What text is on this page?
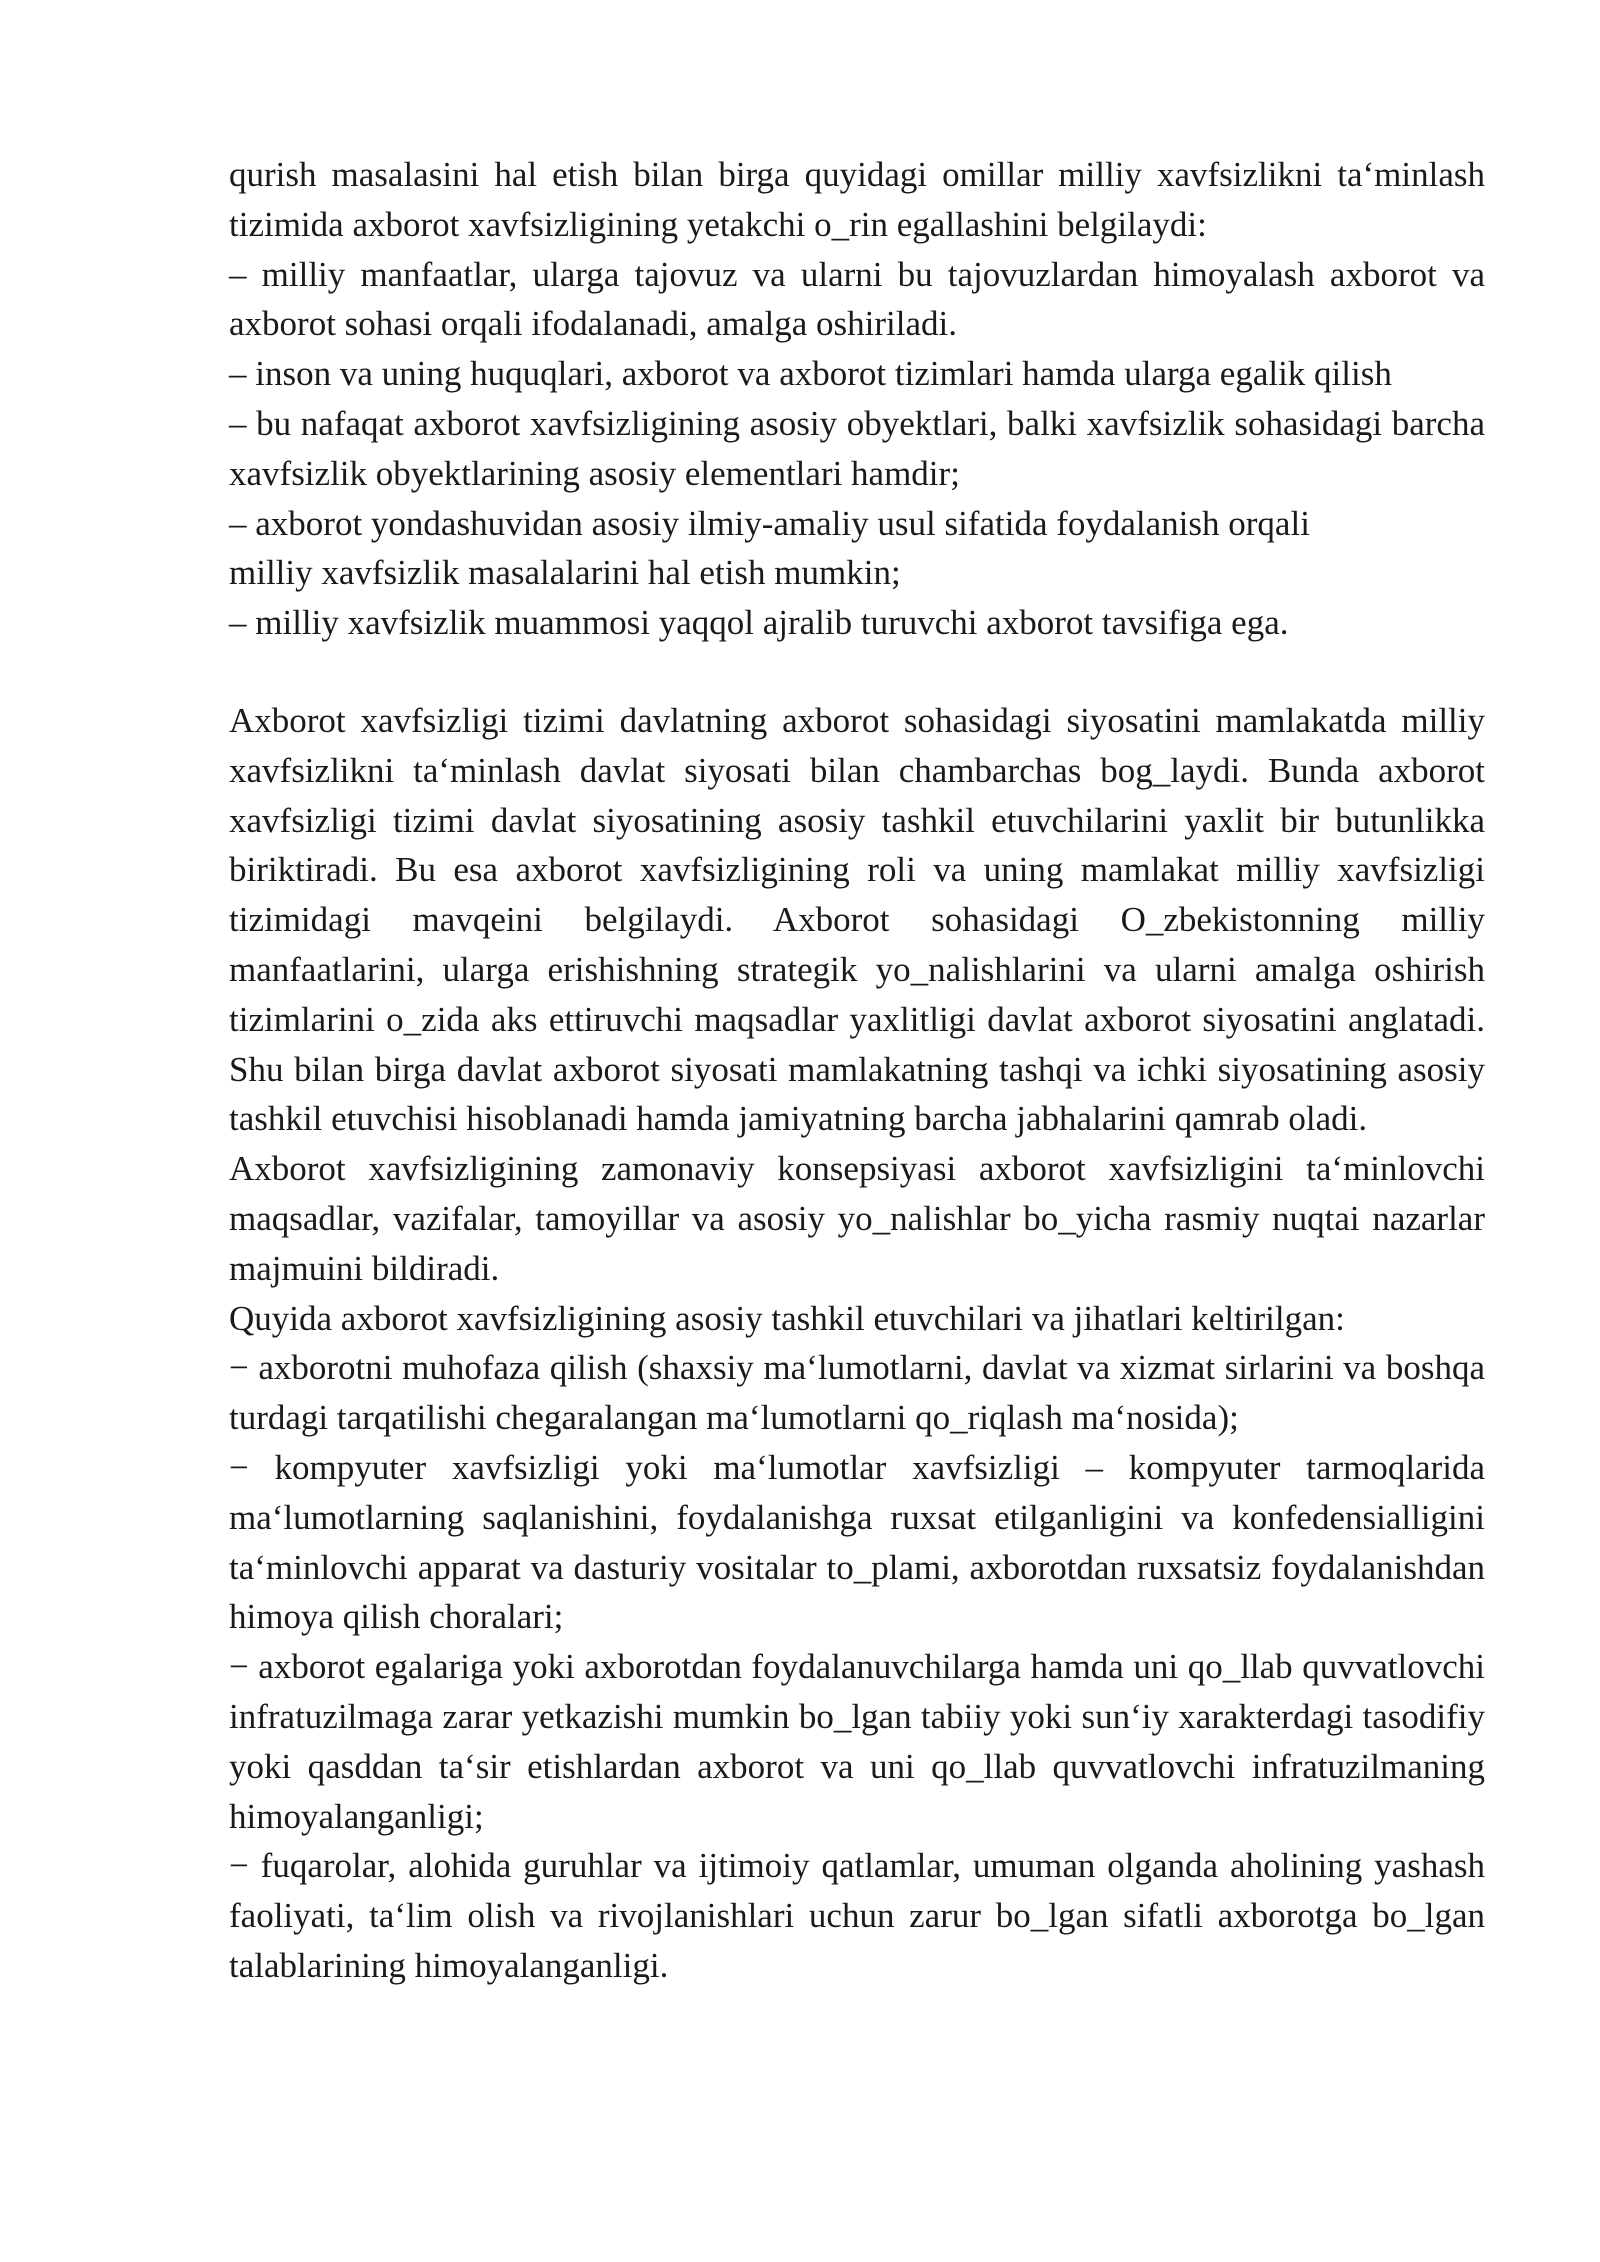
qurish masalasini hal etish bilan birga quyidagi omillar milliy xavfsizlikni ta‘minlash tizimida axborot xavfsizligining yetakchi o_rin egallashini belgilaydi:

– milliy manfaatlar, ularga tajovuz va ularni bu tajovuzlardan himoyalash axborot va axborot sohasi orqali ifodalanadi, amalga oshiriladi.

– inson va uning huquqlari, axborot va axborot tizimlari hamda ularga egalik qilish

– bu nafaqat axborot xavfsizligining asosiy obyektlari, balki xavfsizlik sohasidagi barcha xavfsizlik obyektlarining asosiy elementlari hamdir;

– axborot yondashuvidan asosiy ilmiy-amaliy usul sifatida foydalanish orqali

milliy xavfsizlik masalalarini hal etish mumkin;

– milliy xavfsizlik muammosi yaqqol ajralib turuvchi axborot tavsifiga ega.

Axborot xavfsizligi tizimi davlatning axborot sohasidagi siyosatini mamlakatda milliy xavfsizlikni ta‘minlash davlat siyosati bilan chambarchas bog_laydi. Bunda axborot xavfsizligi tizimi davlat siyosatining asosiy tashkil etuvchilarini yaxlit bir butunlikka biriktiradi. Bu esa axborot xavfsizligining roli va uning mamlakat milliy xavfsizligi tizimidagi mavqeini belgilaydi. Axborot sohasidagi O_zbekistonning milliy manfaatlarini, ularga erishishning strategik yo_nalishlarini va ularni amalga oshirish tizimlarini o_zida aks ettiruvchi maqsadlar yaxlitligi davlat axborot siyosatini anglatadi. Shu bilan birga davlat axborot siyosati mamlakatning tashqi va ichki siyosatining asosiy tashkil etuvchisi hisoblanadi hamda jamiyatning barcha jabhalarini qamrab oladi.

Axborot xavfsizligining zamonaviy konsepsiyasi axborot xavfsizligini ta‘minlovchi maqsadlar, vazifalar, tamoyillar va asosiy yo_nalishlar bo_yicha rasmiy nuqtai nazarlar majmuini bildiradi.

Quyida axborot xavfsizligining asosiy tashkil etuvchilari va jihatlari keltirilgan:

− axborotni muhofaza qilish (shaxsiy ma‘lumotlarni, davlat va xizmat sirlarini va boshqa turdagi tarqatilishi chegaralangan ma‘lumotlarni qo_riqlash ma‘nosida);

− kompyuter xavfsizligi yoki ma‘lumotlar xavfsizligi – kompyuter tarmoqlarida ma‘lumotlarning saqlanishini, foydalanishga ruxsat etilganligini va konfedensialligini ta‘minlovchi apparat va dasturiy vositalar to_plami, axborotdan ruxsatsiz foydalanishdan himoya qilish choralari;

− axborot egalariga yoki axborotdan foydalanuvchilarga hamda uni qo_llab quvvatlovchi infratuzilmaga zarar yetkazishi mumkin bo_lgan tabiiy yoki sun‘iy xarakterdagi tasodifiy yoki qasddan ta‘sir etishlardan axborot va uni qo_llab quvvatlovchi infratuzilmaning himoyalanganligi;

− fuqarolar, alohida guruhlar va ijtimoiy qatlamlar, umuman olganda aholining yashash faoliyati, ta‘lim olish va rivojlanishlari uchun zarur bo_lgan sifatli axborotga bo_lgan talablarining himoyalanganligi.
